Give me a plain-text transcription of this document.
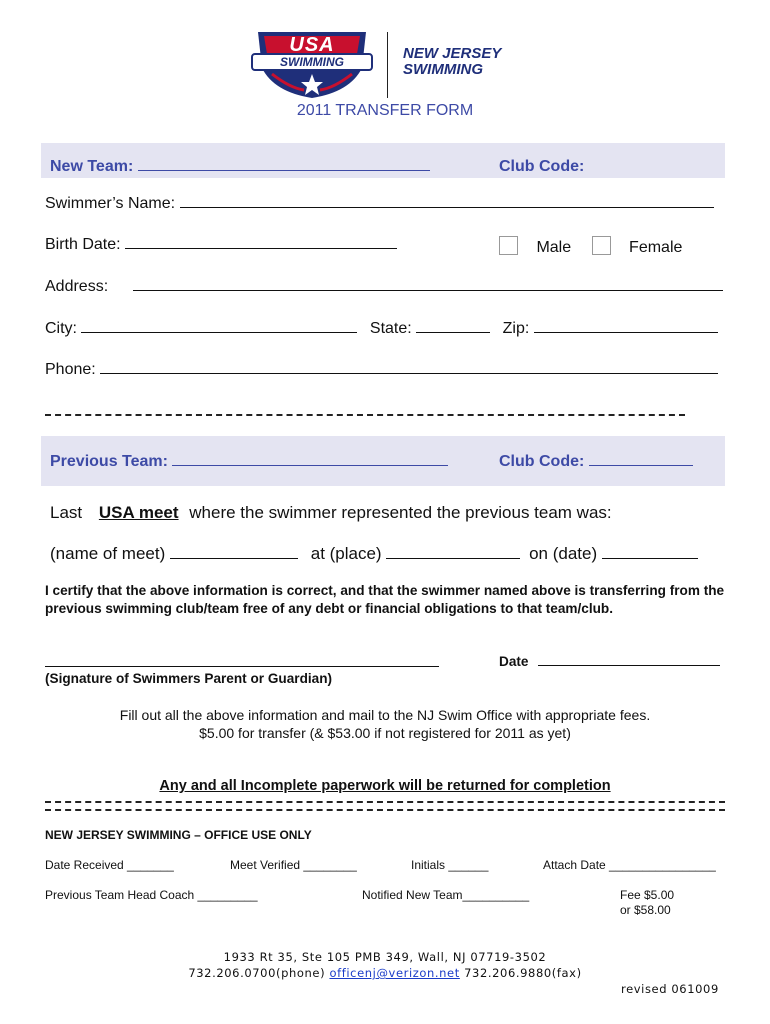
USA
SWIMMING	NEW JERSEY
SWIMMING
2011 TRANSFER FORM
New Team:	Club Code:
Swimmer’s Name:
Birth Date:	Male	Female
Address:
City:	State:	Zip:
Phone:
Previous Team:	Club Code:
Last USA meet where the swimmer represented the previous team was:
(name of meet)	at (place)	on (date)
I certify that the above information is correct, and that the swimmer named above is transferring from the previous swimming club/team free of any debt or financial obligations to that team/club.
Date
(Signature of Swimmers Parent or Guardian)
Fill out all the above information and mail to the NJ Swim Office with appropriate fees.
$5.00 for transfer (& $53.00 if not registered for 2011 as yet)
Any and all Incomplete paperwork will be returned for completion
NEW JERSEY SWIMMING – OFFICE USE ONLY
Date Received _______	Meet Verified ________	Initials ______	Attach Date ________________
Previous Team Head Coach _________	Notified New Team__________	Fee $5.00
or $58.00
1933 Rt 35, Ste 105 PMB 349, Wall, NJ 07719-3502
732.206.0700(phone) officenj@verizon.net 732.206.9880(fax)
revised 061009
